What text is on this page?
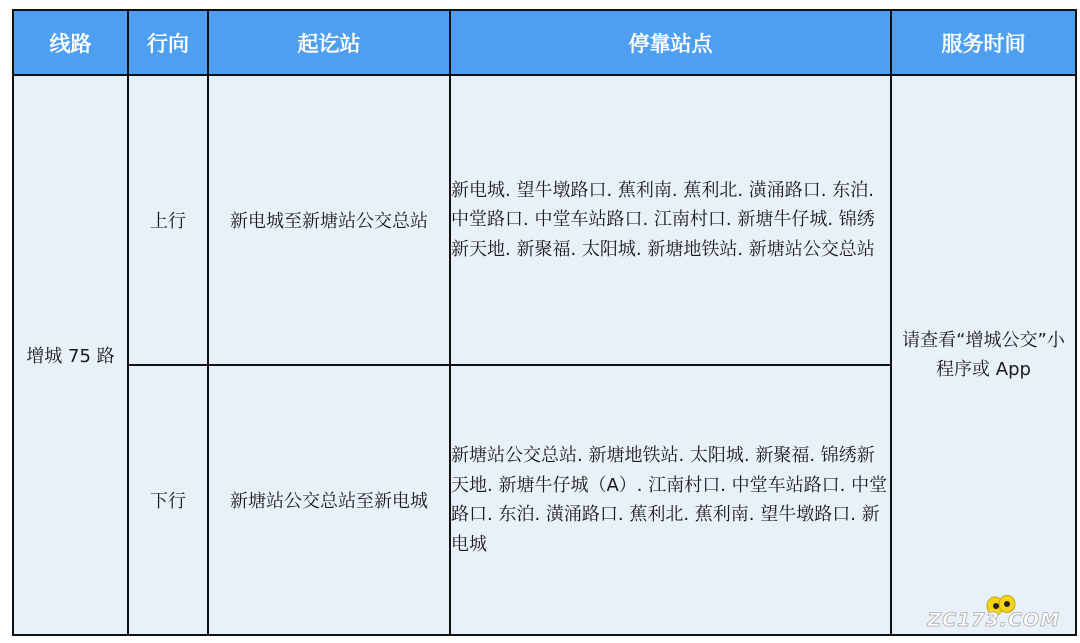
线路	行向	起讫站	停靠站点	服务时间
增城 75 路	上行	新电城至新塘站公交总站	新电城. 望牛墩路口. 蕉利南. 蕉利北. 潢涌路口. 东泊. 中堂路口. 中堂车站路口. 江南村口. 新塘牛仔城. 锦绣新天地. 新聚福. 太阳城. 新塘地铁站. 新塘站公交总站	请查看“增城公交”小程序或 App

	下行	新塘站公交总站至新电城	新塘站公交总站. 新塘地铁站. 太阳城. 新聚福. 锦绣新天地. 新塘牛仔城（A）. 江南村口. 中堂车站路口. 中堂路口. 东泊. 潢涌路口. 蕉利北. 蕉利南. 望牛墩路口. 新电城	
ZC173.COM
